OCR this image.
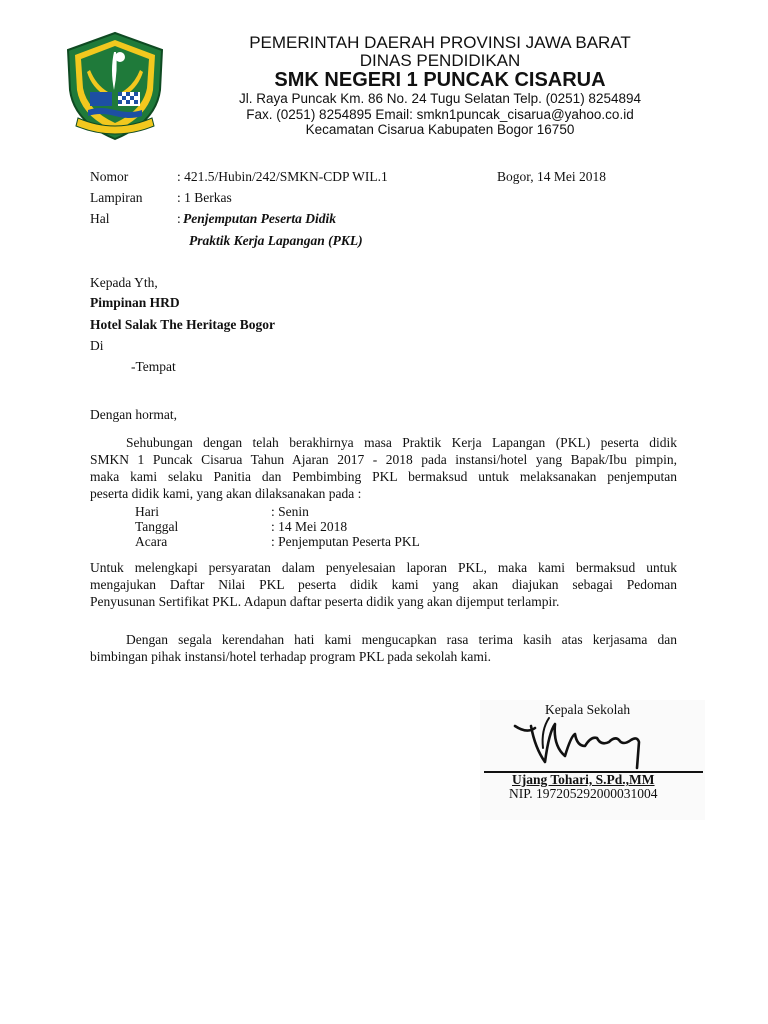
PEMERINTAH DAERAH PROVINSI JAWA BARAT
DINAS PENDIDIKAN
SMK NEGERI 1 PUNCAK CISARUA
Jl. Raya Puncak Km. 86 No. 24 Tugu Selatan Telp. (0251) 8254894
Fax. (0251) 8254895 Email: smkn1puncak_cisarua@yahoo.co.id
Kecamatan Cisarua Kabupaten Bogor 16750
Nomor	: 421.5/Hubin/242/SMKN-CDP WIL.1	Bogor, 14 Mei 2018
Lampiran	: 1 Berkas
Hal	: Penjemputan Peserta Didik
Praktik Kerja Lapangan (PKL)
Kepada Yth,
Pimpinan HRD
Hotel Salak The Heritage Bogor
Di
-Tempat
Dengan hormat,
Sehubungan dengan telah berakhirnya masa Praktik Kerja Lapangan (PKL) peserta didik
SMKN 1 Puncak Cisarua Tahun Ajaran 2017 - 2018 pada instansi/hotel yang Bapak/Ibu pimpin,
maka kami selaku Panitia dan Pembimbing PKL bermaksud untuk melaksanakan penjemputan
peserta didik kami, yang akan dilaksanakan pada :
Hari	: Senin
Tanggal	: 14 Mei 2018
Acara	: Penjemputan Peserta PKL
Untuk melengkapi persyaratan dalam penyelesaian laporan PKL, maka kami bermaksud untuk
mengajukan Daftar Nilai PKL peserta didik kami yang akan diajukan sebagai Pedoman
Penyusunan Sertifikat PKL. Adapun daftar peserta didik yang akan dijemput terlampir.
Dengan segala kerendahan hati kami mengucapkan rasa terima kasih atas kerjasama dan
bimbingan pihak instansi/hotel terhadap program PKL pada sekolah kami.
Kepala Sekolah
Ujang Tohari, S.Pd.,MM
NIP. 197205292000031004
